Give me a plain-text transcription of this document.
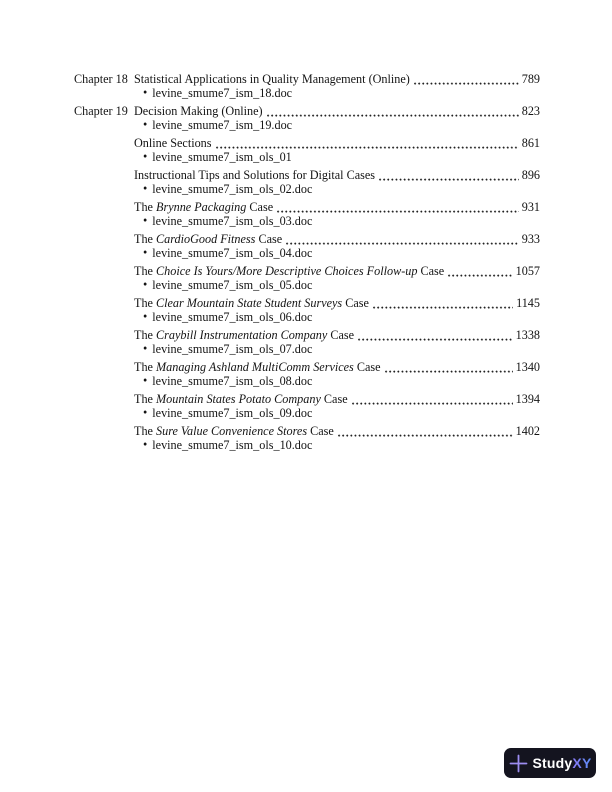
Chapter 18 Statistical Applications in Quality Management (Online)	789
• levine_smume7_ism_18.doc
Chapter 19 Decision Making (Online)	823
• levine_smume7_ism_19.doc
Online Sections	861
• levine_smume7_ism_ols_01
Instructional Tips and Solutions for Digital Cases	896
• levine_smume7_ism_ols_02.doc
The Brynne Packaging Case	931
• levine_smume7_ism_ols_03.doc
The CardioGood Fitness Case	933
• levine_smume7_ism_ols_04.doc
The Choice Is Yours/More Descriptive Choices Follow-up Case	1057
• levine_smume7_ism_ols_05.doc
The Clear Mountain State Student Surveys Case	1145
• levine_smume7_ism_ols_06.doc
The Craybill Instrumentation Company Case	1338
• levine_smume7_ism_ols_07.doc
The Managing Ashland MultiComm Services Case	1340
• levine_smume7_ism_ols_08.doc
The Mountain States Potato Company Case	1394
• levine_smume7_ism_ols_09.doc
The Sure Value Convenience Stores Case	1402
• levine_smume7_ism_ols_10.doc
Study XY
